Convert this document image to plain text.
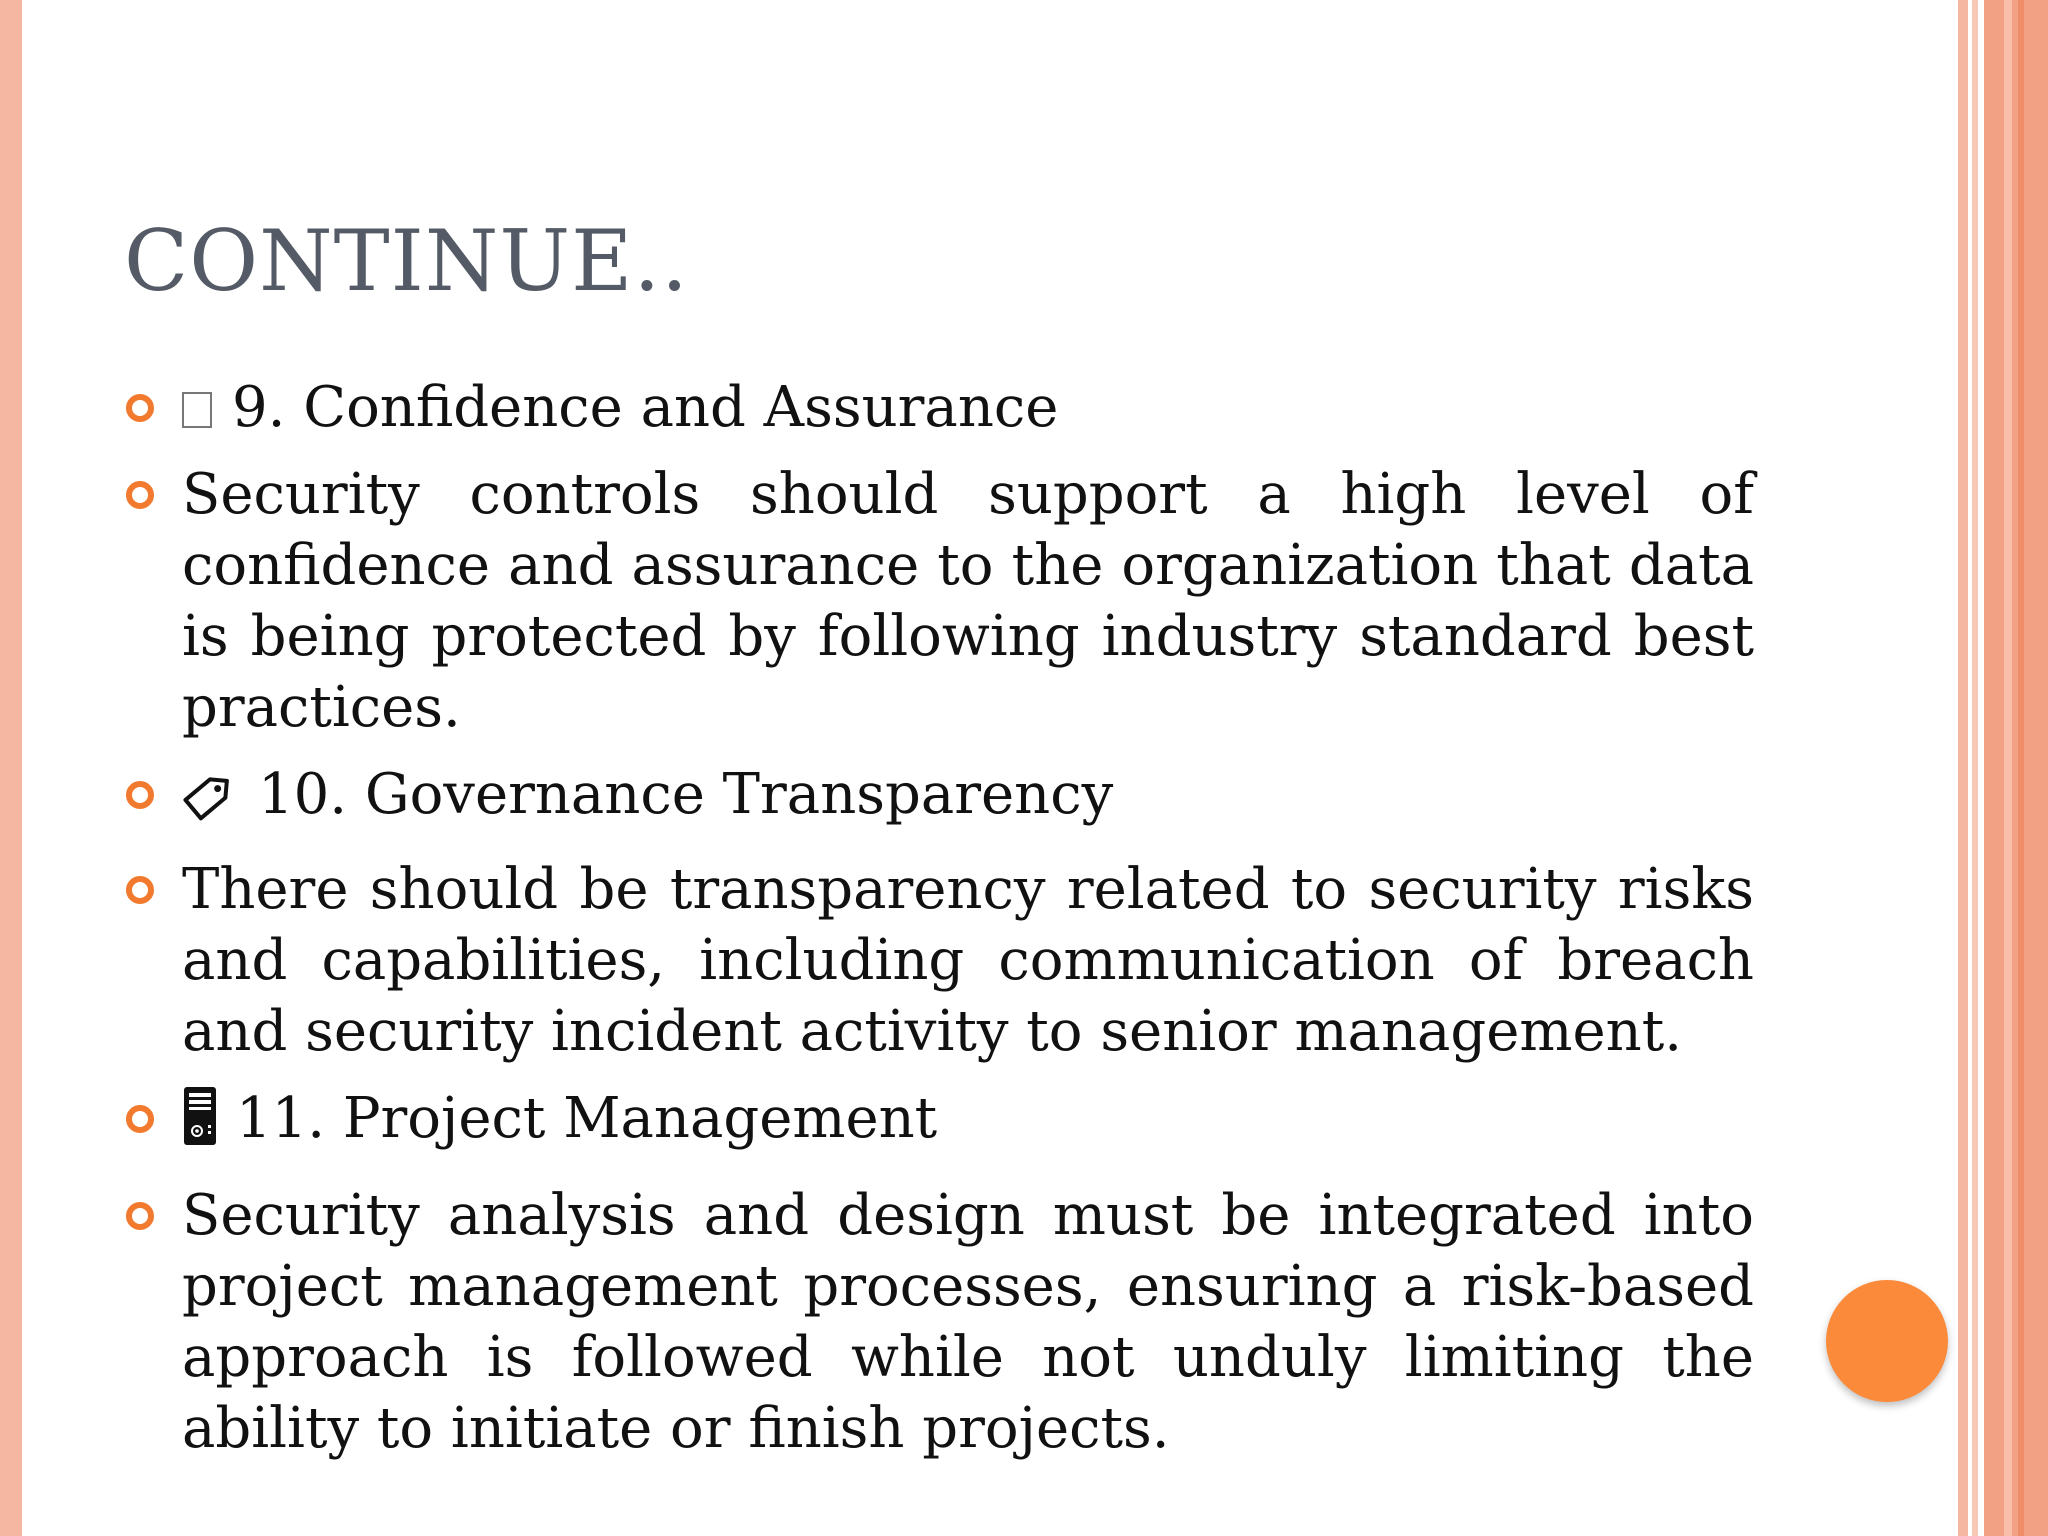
CONTINUE..
9. Confidence and Assurance
Security controls should support a high level of confidence and assurance to the organization that data is being protected by following industry standard best practices.
10. Governance Transparency
There should be transparency related to security risks and capabilities, including communication of breach and security incident activity to senior management.
11. Project Management
Security analysis and design must be integrated into project management processes, ensuring a risk-based approach is followed while not unduly limiting the ability to initiate or finish projects.
